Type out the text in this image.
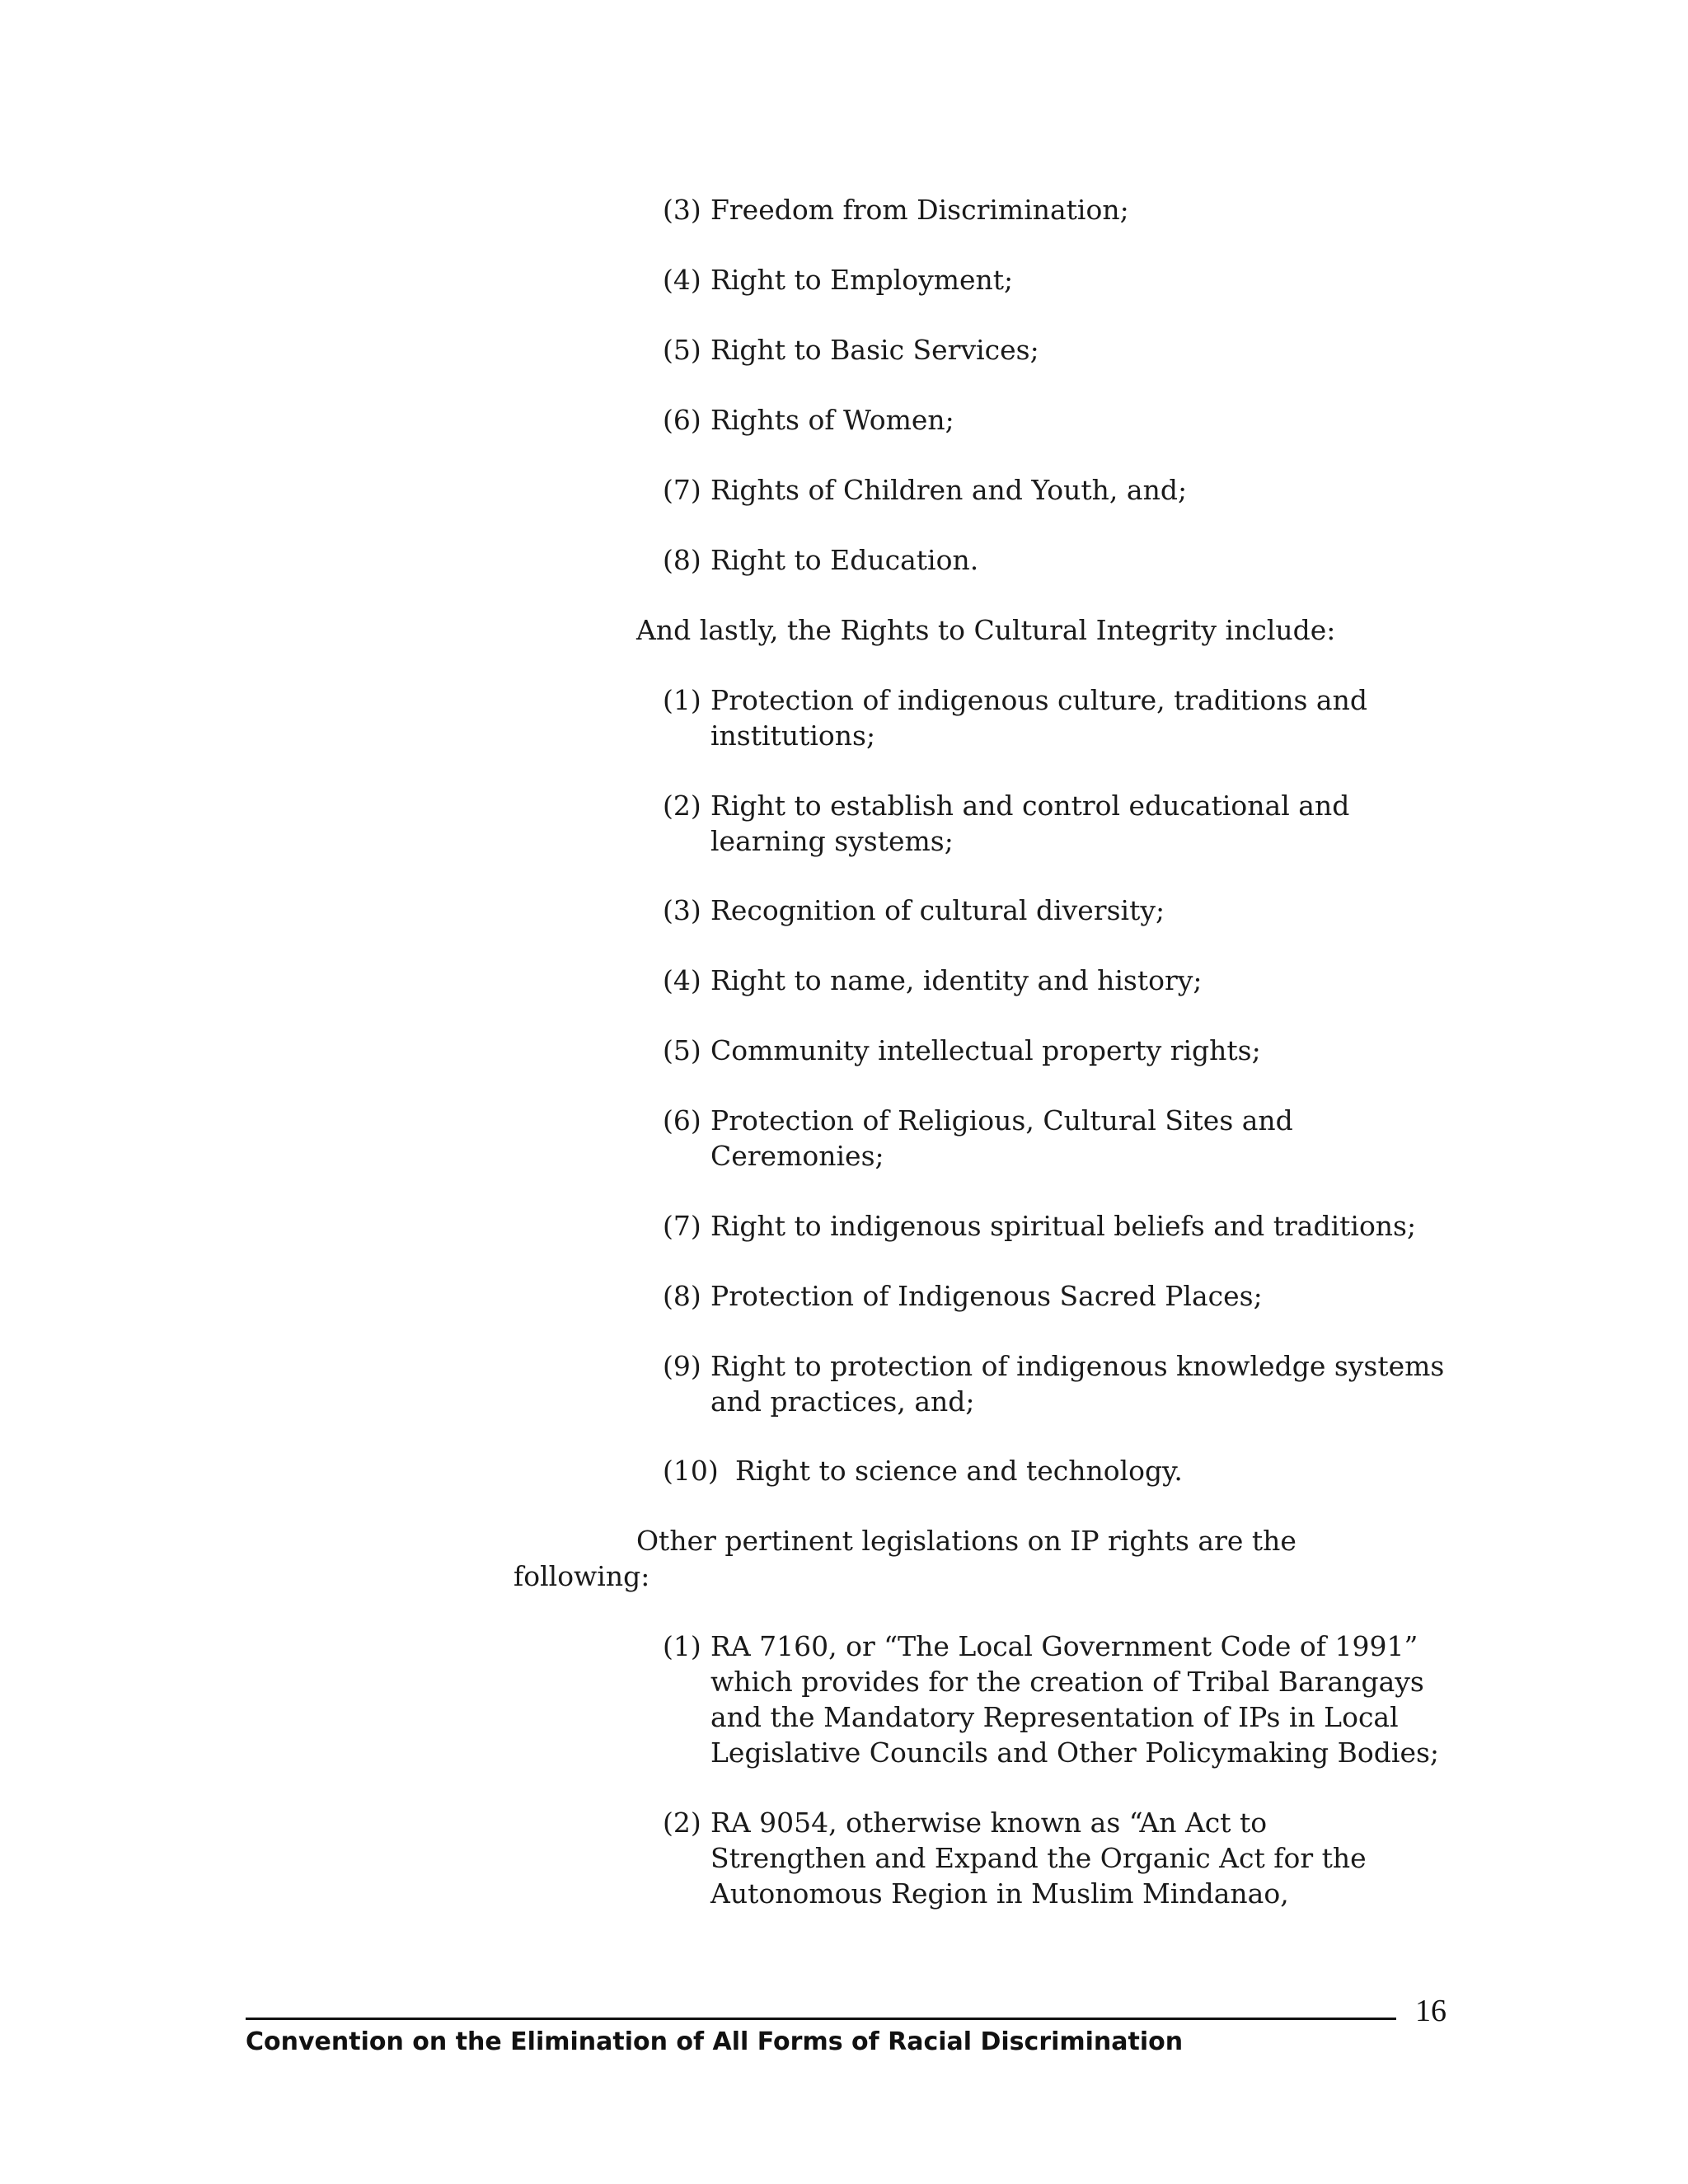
(3) Freedom from Discrimination;
(4) Right to Employment;
(5) Right to Basic Services;
(6) Rights of Women;
(7) Rights of Children and Youth, and;
(8) Right to Education.
And lastly, the Rights to Cultural Integrity include:
(1) Protection of indigenous culture, traditions and
institutions;
(2) Right to establish and control educational and
learning systems;
(3) Recognition of cultural diversity;
(4) Right to name, identity and history;
(5) Community intellectual property rights;
(6) Protection of Religious, Cultural Sites and
Ceremonies;
(7) Right to indigenous spiritual beliefs and traditions;
(8) Protection of Indigenous Sacred Places;
(9) Right to protection of indigenous knowledge systems
and practices, and;
(10) Right to science and technology.
Other pertinent legislations on IP rights are the
following:
(1) RA 7160, or “The Local Government Code of 1991”
which provides for the creation of Tribal Barangays
and the Mandatory Representation of IPs in Local
Legislative Councils and Other Policymaking Bodies;
(2) RA 9054, otherwise known as “An Act to
Strengthen and Expand the Organic Act for the
Autonomous Region in Muslim Mindanao,
Convention on the Elimination of All Forms of Racial Discrimination
16
